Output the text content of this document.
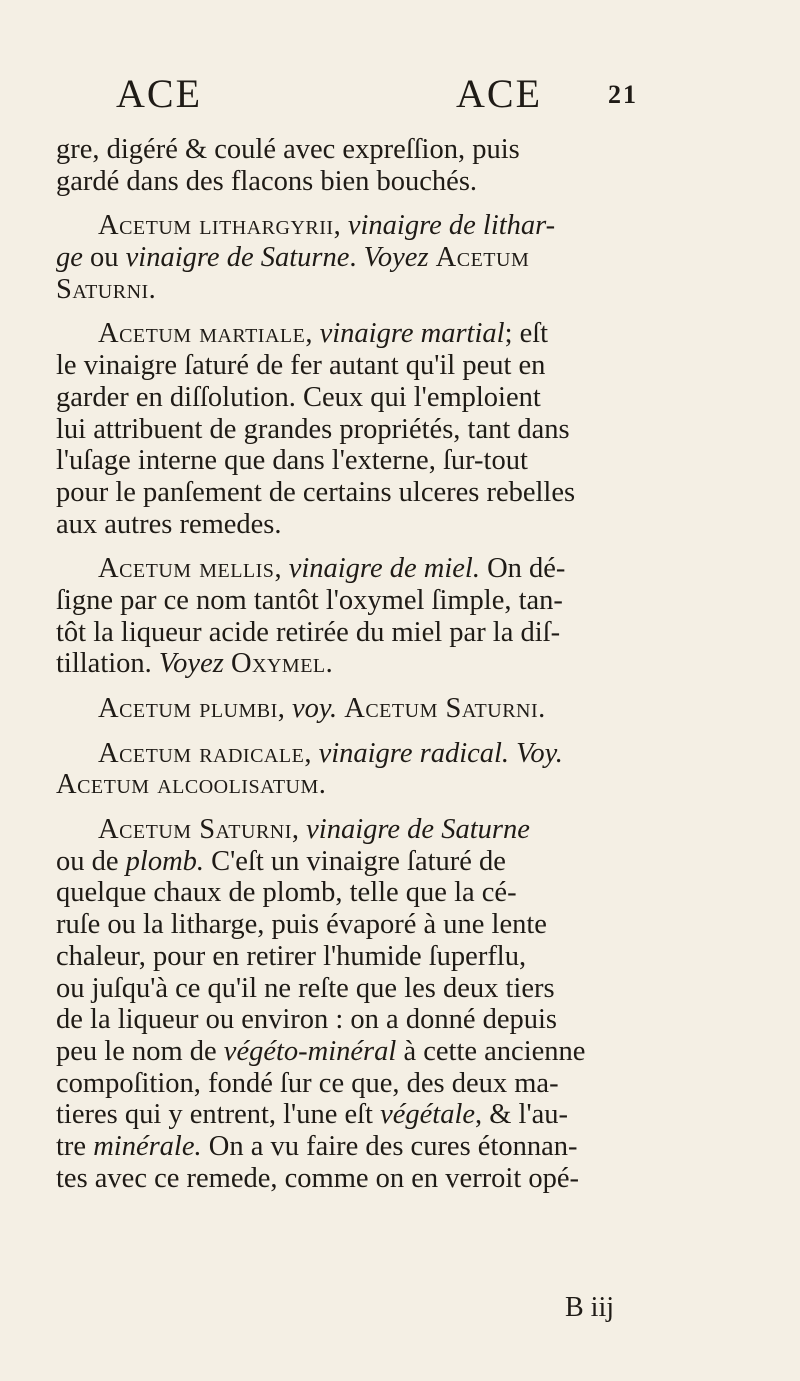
ACE	ACE	21
gre, digéré & coulé avec expreſſion, puis
gardé dans des flacons bien bouchés.
Acetum lithargyrii, vinaigre de lithar-
ge ou vinaigre de Saturne. Voyez Acetum
Saturni.
Acetum martiale, vinaigre martial; eſt
le vinaigre ſaturé de fer autant qu'il peut en
garder en diſſolution. Ceux qui l'emploient
lui attribuent de grandes propriétés, tant dans
l'uſage interne que dans l'externe, ſur-tout
pour le panſement de certains ulceres rebelles
aux autres remedes.
Acetum mellis, vinaigre de miel. On dé-
ſigne par ce nom tantôt l'oxymel ſimple, tan-
tôt la liqueur acide retirée du miel par la diſ-
tillation. Voyez Oxymel.
Acetum plumbi, voy. Acetum Saturni.
Acetum radicale, vinaigre radical. Voy.
Acetum alcoolisatum.
Acetum Saturni, vinaigre de Saturne
ou de plomb. C'eſt un vinaigre ſaturé de
quelque chaux de plomb, telle que la cé-
ruſe ou la litharge, puis évaporé à une lente
chaleur, pour en retirer l'humide ſuperflu,
ou juſqu'à ce qu'il ne reſte que les deux tiers
de la liqueur ou environ : on a donné depuis
peu le nom de végéto-minéral à cette ancienne
compoſition, fondé ſur ce que, des deux ma-
tieres qui y entrent, l'une eſt végétale, & l'au-
tre minérale. On a vu faire des cures étonnan-
tes avec ce remede, comme on en verroit opé-
B iij
